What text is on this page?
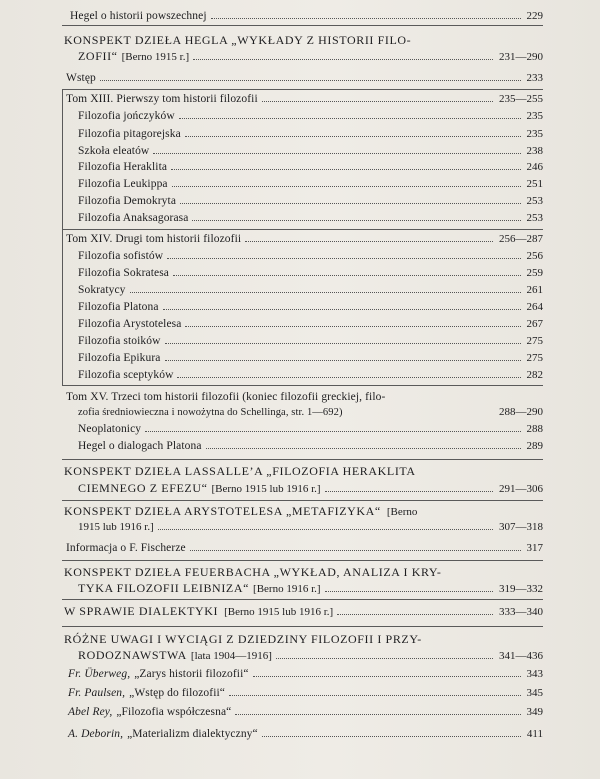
Hegel o historii powszechnej	229
KONSPEKT DZIEŁA HEGLA „WYKŁADY Z HISTORII FILO-
ZOFII“ [Berno 1915 r.]	231—290
Wstęp	233
Tom XIII. Pierwszy tom historii filozofii	235—255
Filozofia jończyków	235
Filozofia pitagorejska	235
Szkoła eleatów	238
Filozofia Heraklita	246
Filozofia Leukippa	251
Filozofia Demokryta	253
Filozofia Anaksagorasa	253
Tom XIV. Drugi tom historii filozofii	256—287
Filozofia sofistów	256
Filozofia Sokratesa	259
Sokratycy	261
Filozofia Platona	264
Filozofia Arystotelesa	267
Filozofia stoików	275
Filozofia Epikura	275
Filozofia sceptyków	282
Tom XV. Trzeci tom historii filozofii (koniec filozofii greckiej, filo-
zofia średniowieczna i nowożytna do Schellinga, str. 1—692)	288—290
Neoplatonicy	288
Hegel o dialogach Platona	289
KONSPEKT DZIEŁA LASSALLE’A „FILOZOFIA HERAKLITA
CIEMNEGO Z EFEZU“ [Berno 1915 lub 1916 r.]	291—306
KONSPEKT DZIEŁA ARYSTOTELESA „METAFIZYKA“ [Berno
1915 lub 1916 r.]	307—318
Informacja o F. Fischerze	317
KONSPEKT DZIEŁA FEUERBACHA „WYKŁAD, ANALIZA I KRY-
TYKA FILOZOFII LEIBNIZA“ [Berno 1916 r.]	319—332
W SPRAWIE DIALEKTYKI [Berno 1915 lub 1916 r.]	333—340
RÓŻNE UWAGI I WYCIĄGI Z DZIEDZINY FILOZOFII I PRZY-
RODOZNAWSTWA [lata 1904—1916]	341—436
Fr. Überweg, „Zarys historii filozofii“	343
Fr. Paulsen, „Wstęp do filozofii“	345
Abel Rey, „Filozofia współczesna“	349
A. Deborin, „Materializm dialektyczny“	411
